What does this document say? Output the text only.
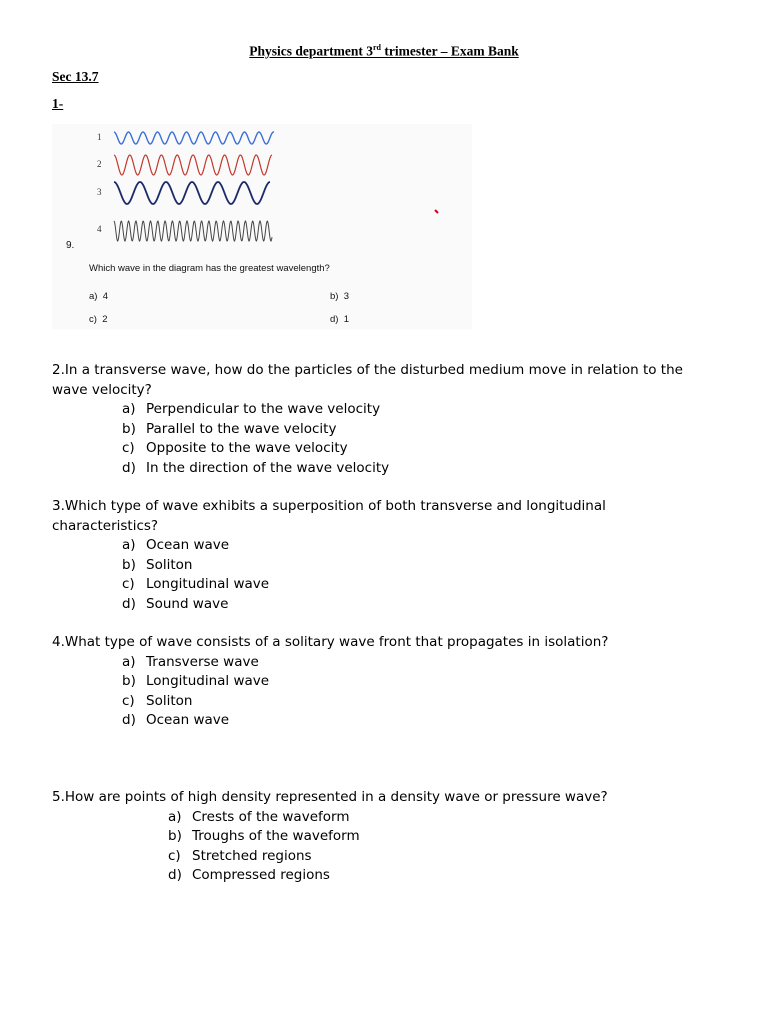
Physics department 3rd trimester – Exam Bank
Sec 13.7
1-
1
2
3
4
9.
Which wave in the diagram has the greatest wavelength?
a) 4	b) 3
c) 2	d) 1
2.In a transverse wave, how do the particles of the disturbed medium move in relation to the wave velocity?
a) Perpendicular to the wave velocity
b) Parallel to the wave velocity
c) Opposite to the wave velocity
d) In the direction of the wave velocity
3.Which type of wave exhibits a superposition of both transverse and longitudinal characteristics?
a) Ocean wave
b) Soliton
c) Longitudinal wave
d) Sound wave
4.What type of wave consists of a solitary wave front that propagates in isolation?
a) Transverse wave
b) Longitudinal wave
c) Soliton
d) Ocean wave
5.How are points of high density represented in a density wave or pressure wave?
a) Crests of the waveform
b) Troughs of the waveform
c) Stretched regions
d) Compressed regions
